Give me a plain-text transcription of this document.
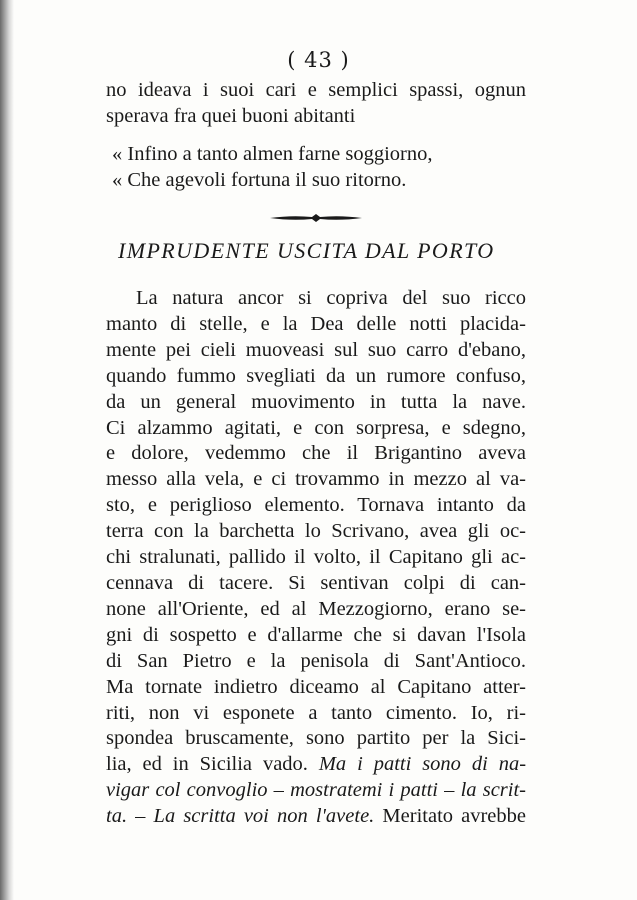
( 43 )
no ideava i suoi cari e semplici spassi, ognun
sperava fra quei buoni abitanti
« Infino a tanto almen farne soggiorno,
« Che agevoli fortuna il suo ritorno.
IMPRUDENTE USCITA DAL PORTO
La natura ancor si copriva del suo ricco
manto di stelle, e la Dea delle notti placida-
mente pei cieli muoveasi sul suo carro d'ebano,
quando fummo svegliati da un rumore confuso,
da un general muovimento in tutta la nave.
Ci alzammo agitati, e con sorpresa, e sdegno,
e dolore, vedemmo che il Brigantino aveva
messo alla vela, e ci trovammo in mezzo al va-
sto, e periglioso elemento. Tornava intanto da
terra con la barchetta lo Scrivano, avea gli oc-
chi stralunati, pallido il volto, il Capitano gli ac-
cennava di tacere. Si sentivan colpi di can-
none all'Oriente, ed al Mezzogiorno, erano se-
gni di sospetto e d'allarme che si davan l'Isola
di San Pietro e la penisola di Sant'Antioco.
Ma tornate indietro diceamo al Capitano atter-
riti, non vi esponete a tanto cimento. Io, ri-
spondea bruscamente, sono partito per la Sici-
lia, ed in Sicilia vado. Ma i patti sono di na-
vigar col convoglio – mostratemi i patti – la scrit-
ta. – La scritta voi non l'avete. Meritato avrebbe
